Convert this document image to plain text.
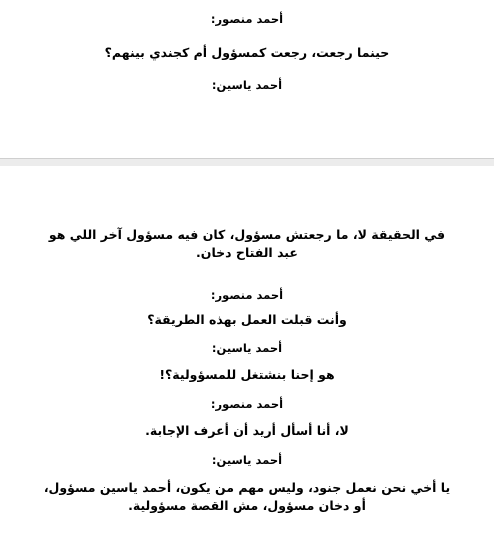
أحمد منصور:
حينما رجعت، رجعت كمسؤول أم كجندي بينهم؟
أحمد ياسين:
في الحقيقة لا، ما رجعتش مسؤول، كان فيه مسؤول آخر اللي هو عبد الفتاح دخان.
أحمد منصور:
وأنت قبلت العمل بهذه الطريقة؟
أحمد ياسين:
هو إحنا بنشتغل للمسؤولية؟!
أحمد منصور:
لا، أنا أسأل أريد أن أعرف الإجابة.
أحمد ياسين:
يا أخي نحن نعمل جنود، وليس مهم من يكون، أحمد ياسين مسؤول، أو دخان مسؤول، مش القصة مسؤولية.
